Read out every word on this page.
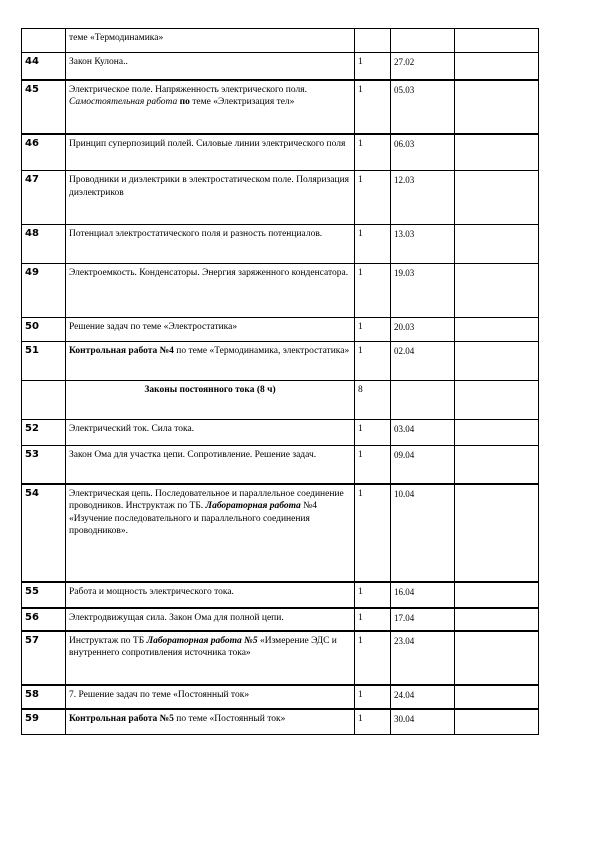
	теме «Термодинамика»			
44	Закон Кулона..	1	27.02	
45	Электрическое поле. Напряженность электрического поля. Самостоятельная работа по теме «Электризация тел»	1	05.03	
46	Принцип суперпозиций полей. Силовые линии электрического поля	1	06.03	
47	Проводники и диэлектрики в электростатическом поле. Поляризация диэлектриков	1	12.03	
48	Потенциал электростатического поля и разность потенциалов.	1	13.03	
49	Электроемкость. Конденсаторы. Энергия заряженного конденсатора.	1	19.03	
50	Решение задач по теме «Электростатика»	1	20.03	
51	Контрольная работа №4 по теме «Термодинамика, электростатика»	1	02.04	
	Законы постоянного тока (8 ч)	8		
52	Электрический ток. Сила тока.	1	03.04	
53	Закон Ома для участка цепи. Сопротивление. Решение задач.	1	09.04	
54	Электрическая цепь. Последовательное и параллельное соединение проводников. Инструктаж по ТБ. Лабораторная работа №4 «Изучение последовательного и параллельного соединения проводников».	1	10.04	
55	Работа и мощность электрического тока.	1	16.04	
56	Электродвижущая сила. Закон Ома для полной цепи.	1	17.04	
57	Инструктаж по ТБ Лабораторная работа №5 «Измерение ЭДС и внутреннего сопротивления источника тока»	1	23.04	
58	7. Решение задач по теме «Постоянный ток»	1	24.04	
59	Контрольная работа №5 по теме «Постоянный ток»	1	30.04	
